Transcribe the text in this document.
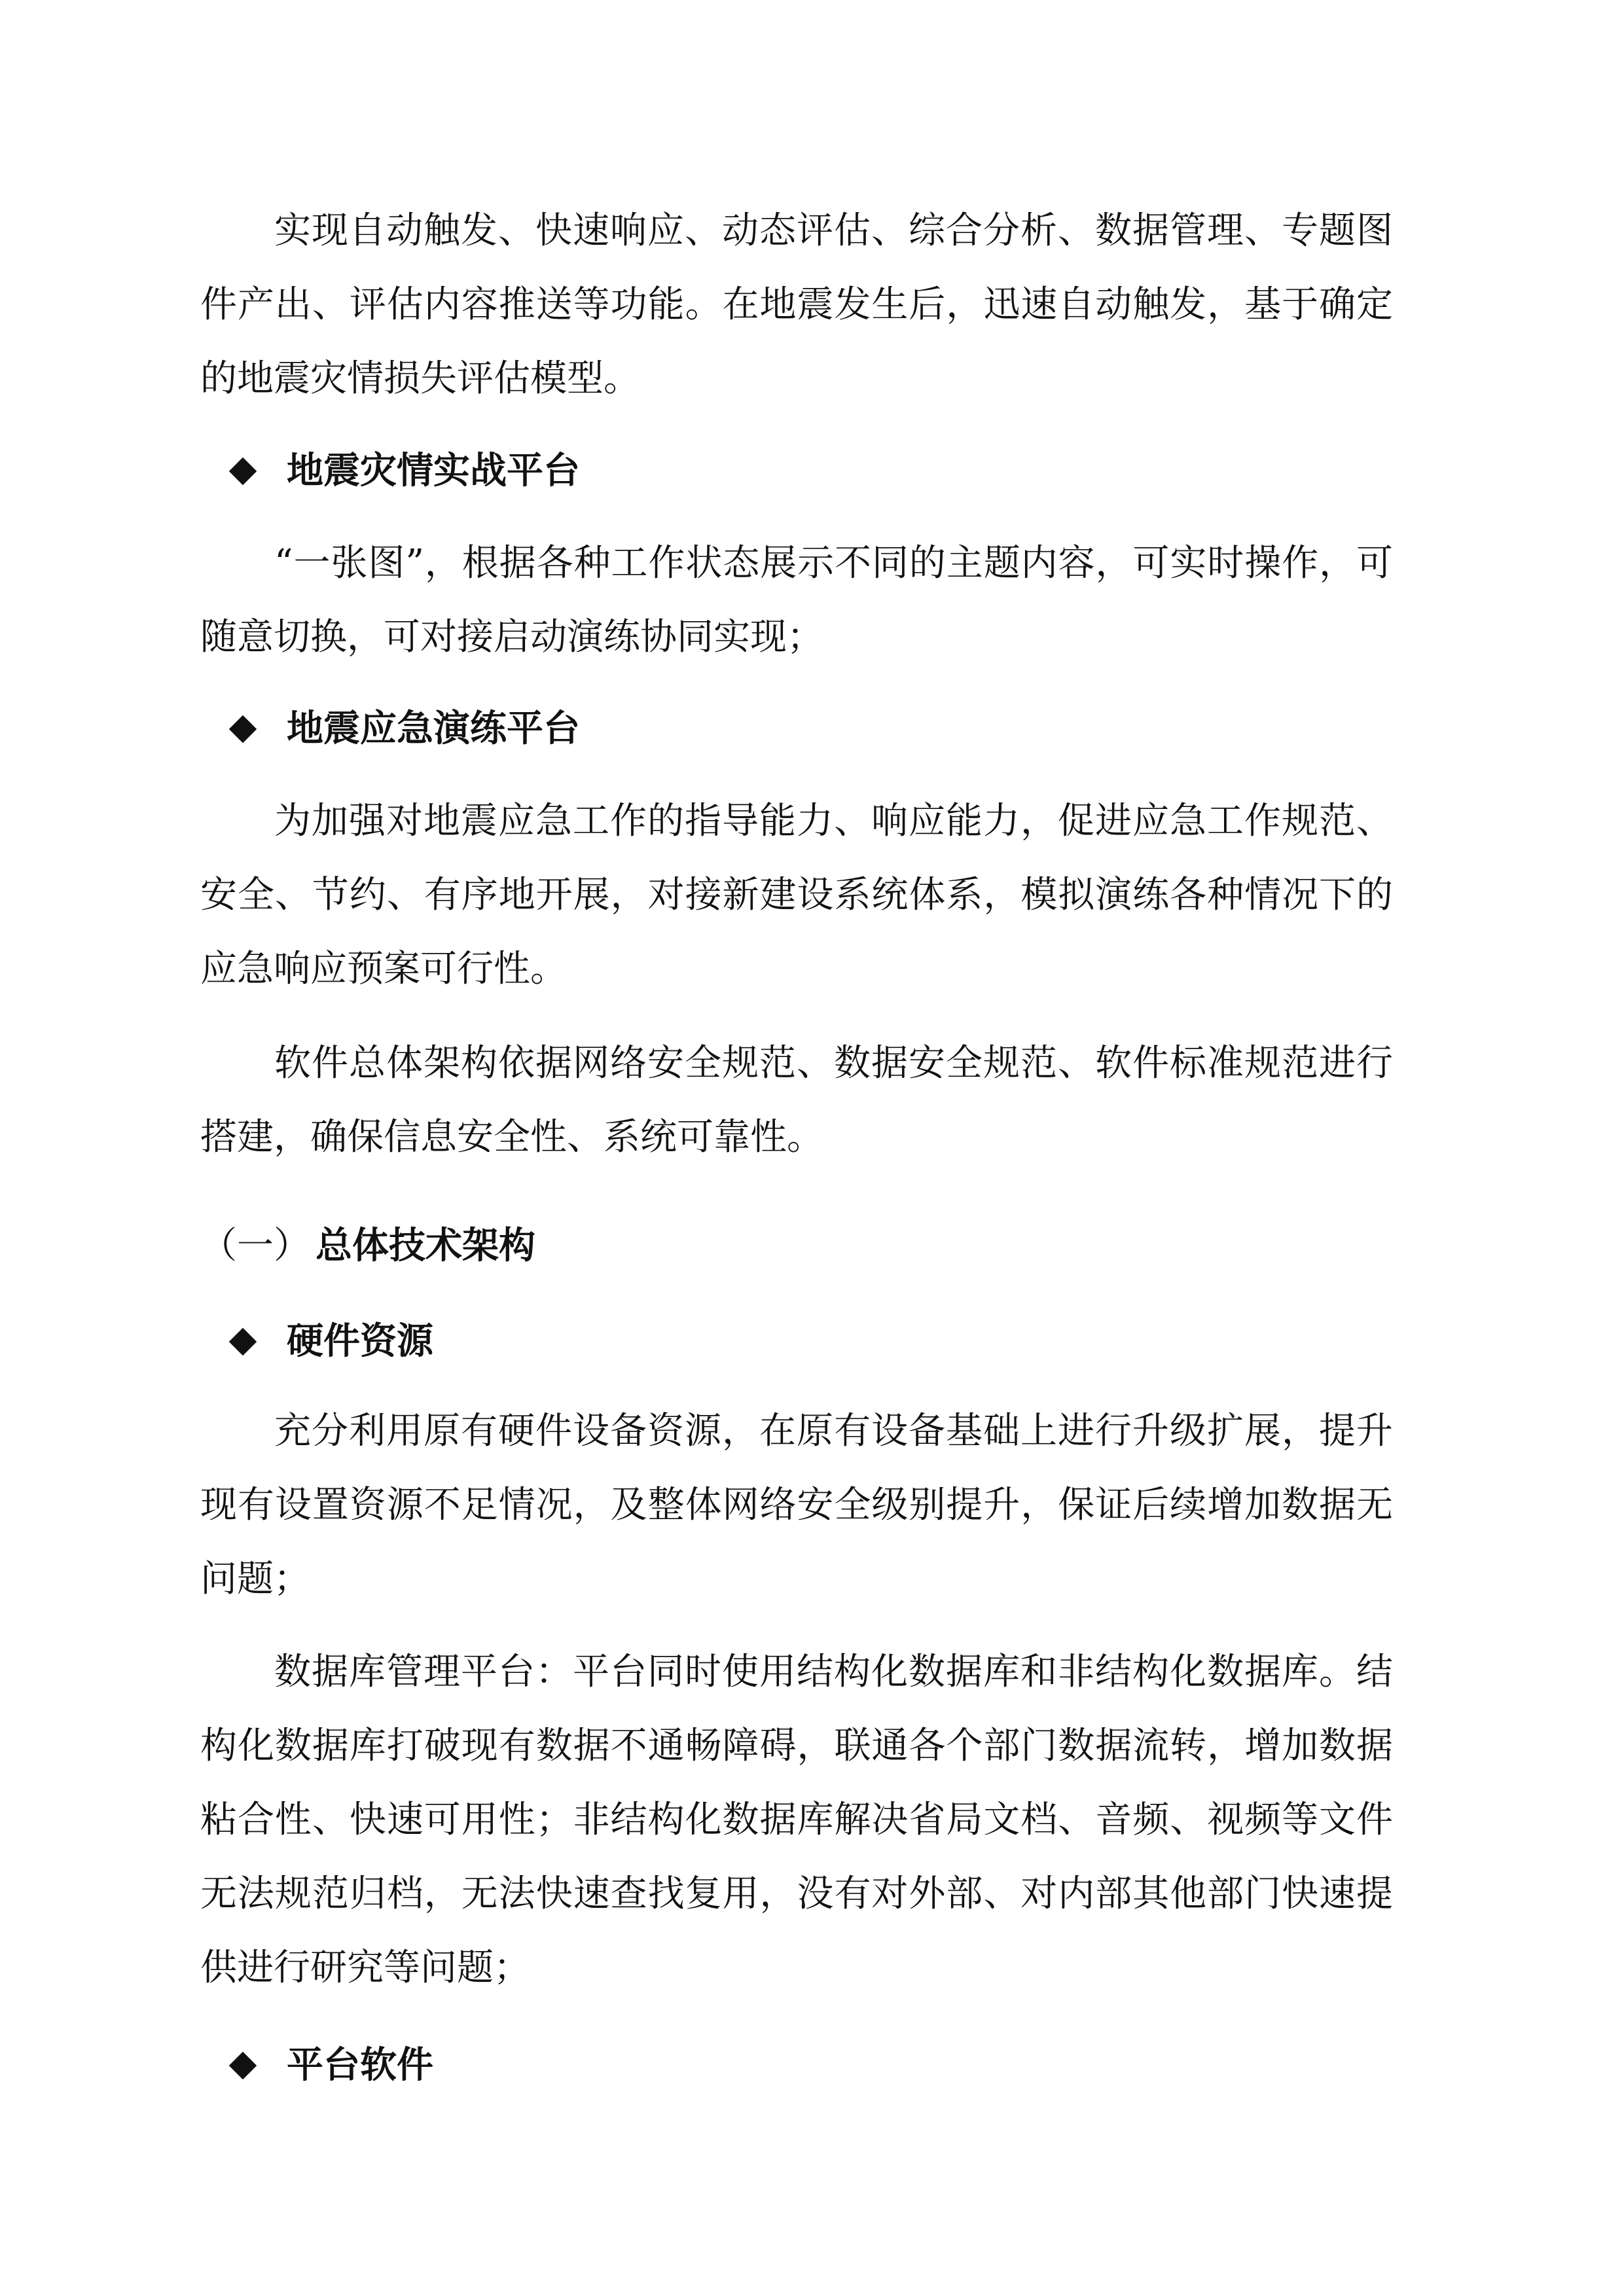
实现自动触发、快速响应、动态评估、综合分析、数据管理、专题图件产出、评估内容推送等功能。在地震发生后，迅速自动触发，基于确定的地震灾情损失评估模型。

地震灾情实战平台

“一张图”，根据各种工作状态展示不同的主题内容，可实时操作，可随意切换，可对接启动演练协同实现；

地震应急演练平台

为加强对地震应急工作的指导能力、响应能力，促进应急工作规范、安全、节约、有序地开展，对接新建设系统体系，模拟演练各种情况下的应急响应预案可行性。

软件总体架构依据网络安全规范、数据安全规范、软件标准规范进行搭建，确保信息安全性、系统可靠性。

（一） 总体技术架构
硬件资源

充分利用原有硬件设备资源，在原有设备基础上进行升级扩展，提升现有设置资源不足情况，及整体网络安全级别提升，保证后续增加数据无问题；

数据库管理平台：平台同时使用结构化数据库和非结构化数据库。结构化数据库打破现有数据不通畅障碍，联通各个部门数据流转，增加数据粘合性、快速可用性；非结构化数据库解决省局文档、音频、视频等文件无法规范归档，无法快速查找复用，没有对外部、对内部其他部门快速提供进行研究等问题；

平台软件
